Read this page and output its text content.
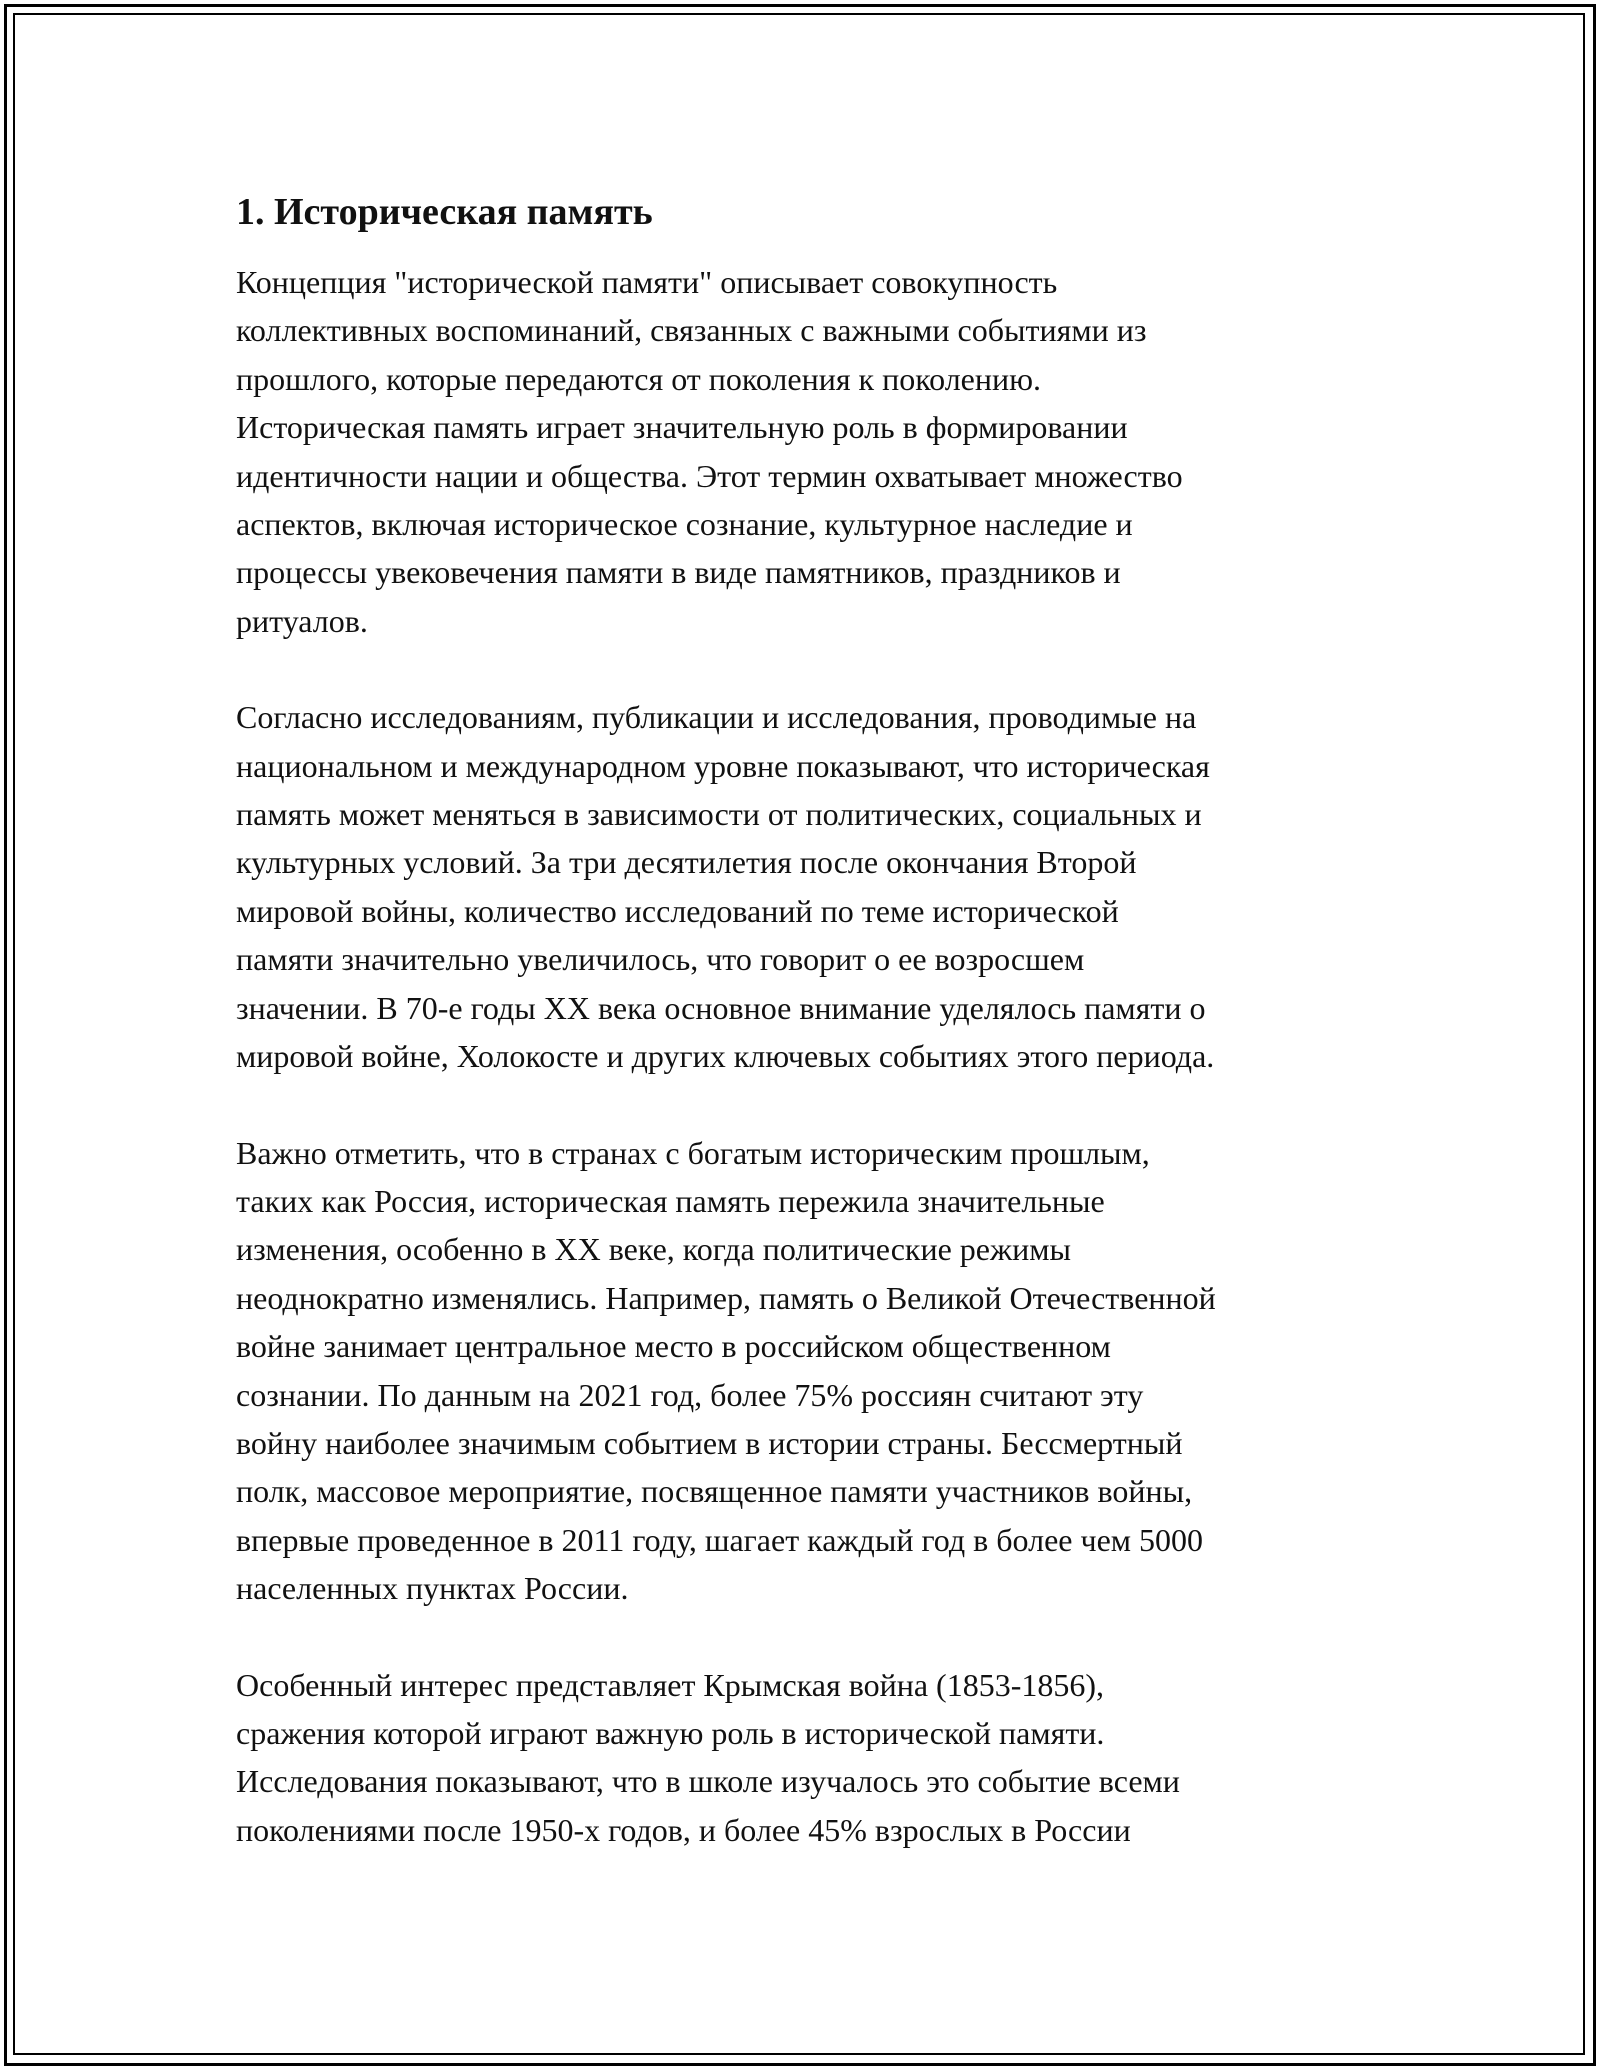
1. Историческая память

Концепция "исторической памяти" описывает совокупность
коллективных воспоминаний, связанных с важными событиями из
прошлого, которые передаются от поколения к поколению.
Историческая память играет значительную роль в формировании
идентичности нации и общества. Этот термин охватывает множество
аспектов, включая историческое сознание, культурное наследие и
процессы увековечения памяти в виде памятников, праздников и
ритуалов.

Согласно исследованиям, публикации и исследования, проводимые на
национальном и международном уровне показывают, что историческая
память может меняться в зависимости от политических, социальных и
культурных условий. За три десятилетия после окончания Второй
мировой войны, количество исследований по теме исторической
памяти значительно увеличилось, что говорит о ее возросшем
значении. В 70-е годы XX века основное внимание уделялось памяти о
мировой войне, Холокосте и других ключевых событиях этого периода.

Важно отметить, что в странах с богатым историческим прошлым,
таких как Россия, историческая память пережила значительные
изменения, особенно в XX веке, когда политические режимы
неоднократно изменялись. Например, память о Великой Отечественной
войне занимает центральное место в российском общественном
сознании. По данным на 2021 год, более 75% россиян считают эту
войну наиболее значимым событием в истории страны. Бессмертный
полк, массовое мероприятие, посвященное памяти участников войны,
впервые проведенное в 2011 году, шагает каждый год в более чем 5000
населенных пунктах России.

Особенный интерес представляет Крымская война (1853-1856),
сражения которой играют важную роль в исторической памяти.
Исследования показывают, что в школе изучалось это событие всеми
поколениями после 1950-х годов, и более 45% взрослых в России
